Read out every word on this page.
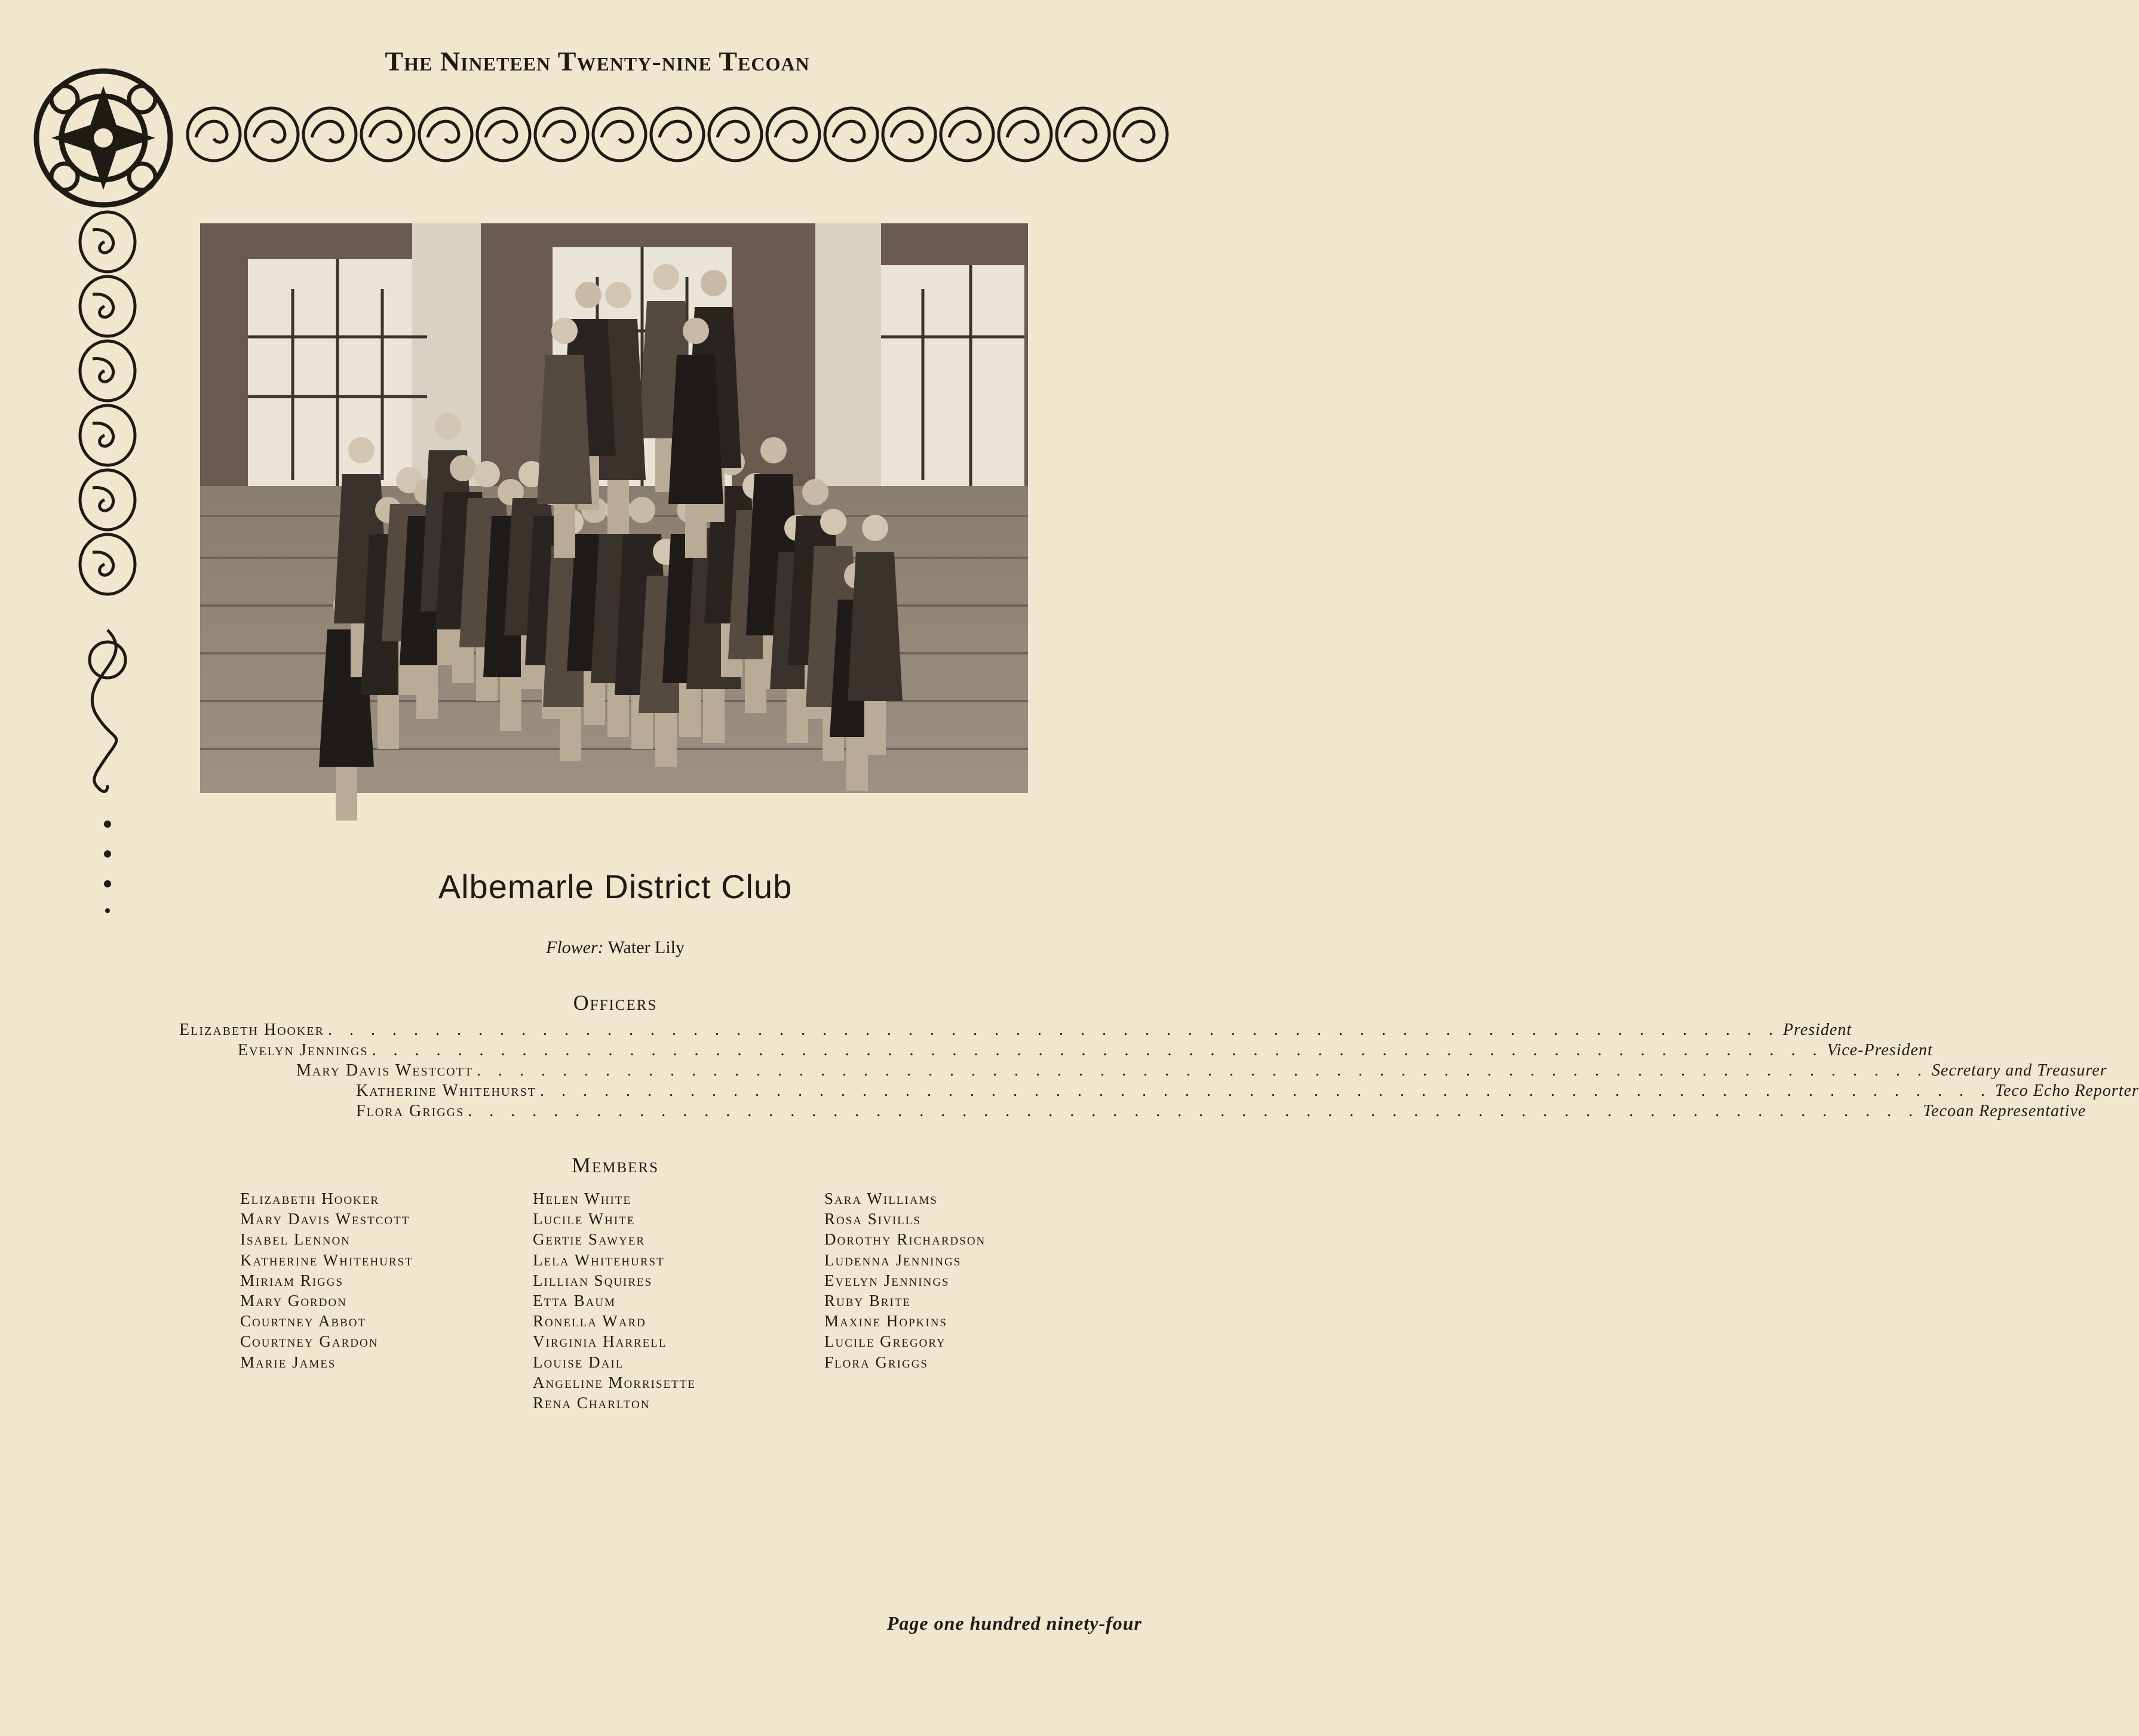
The Nineteen Twenty-nine Tecoan
Albemarle District Club
Flower: Water Lily
Officers
Elizabeth Hooker . . . . . . . . . . . . . . . . . . . . . . . . . . . . . . . . . . . . . . . . . . . . . . . . . . . . . . . . . . . . . . . . . . . . President
Evelyn Jennings . . . . . . . . . . . . . . . . . . . . . . . . . . . . . . . . . . . . . . . . . . . . . . . . . . . . . . . . . . . . . . . . . . . . Vice-President
Mary Davis Westcott . . . . . . . . . . . . . . . . . . . . . . . . . . . . . . . . . . . . . . . . . . . . . . . . . . . . . . . . . . . . . . . . . . . . Secretary and Treasurer
Katherine Whitehurst . . . . . . . . . . . . . . . . . . . . . . . . . . . . . . . . . . . . . . . . . . . . . . . . . . . . . . . . . . . . . . . . . . . . Teco Echo Reporter
Flora Griggs . . . . . . . . . . . . . . . . . . . . . . . . . . . . . . . . . . . . . . . . . . . . . . . . . . . . . . . . . . . . . . . . . . . . Tecoan Representative
Members
Elizabeth Hooker
Mary Davis Westcott
Isabel Lennon
Katherine Whitehurst
Miriam Riggs
Mary Gordon
Courtney Abbot
Courtney Gardon
Marie James
Helen White
Lucile White
Gertie Sawyer
Lela Whitehurst
Lillian Squires
Etta Baum
Ronella Ward
Virginia Harrell
Louise Dail
Angeline Morrisette
Rena Charlton
Sara Williams
Rosa Sivills
Dorothy Richardson
Ludenna Jennings
Evelyn Jennings
Ruby Brite
Maxine Hopkins
Lucile Gregory
Flora Griggs
Page one hundred ninety-four
